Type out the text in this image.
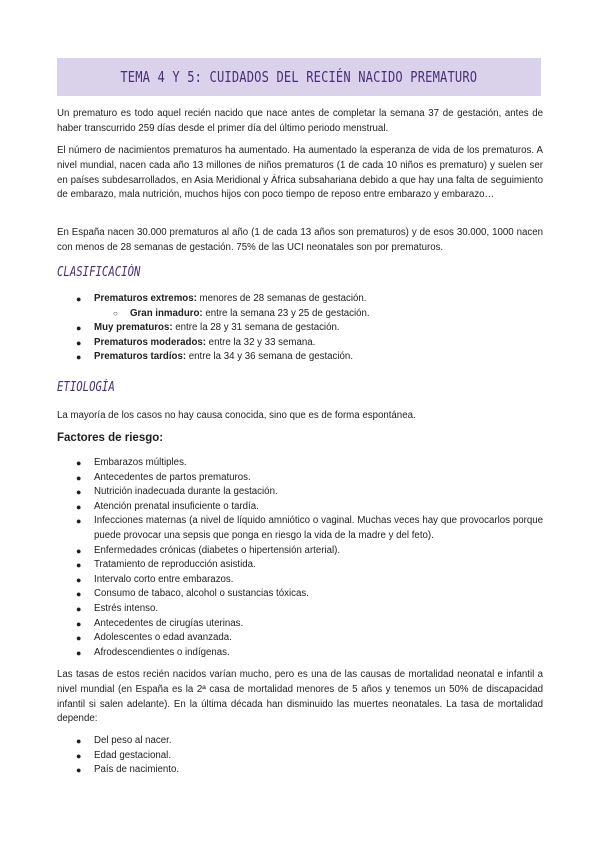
TEMA 4 Y 5: CUIDADOS DEL RECIÉN NACIDO PREMATURO

Un prematuro es todo aquel recién nacido que nace antes de completar la semana 37 de gestación, antes de haber transcurrido 259 días desde el primer día del último periodo menstrual.

El número de nacimientos prematuros ha aumentado. Ha aumentado la esperanza de vida de los prematuros. A nivel mundial, nacen cada año 13 millones de niños prematuros (1 de cada 10 niños es prematuro) y suelen ser en países subdesarrollados, en Asia Meridional y África subsahariana debido a que hay una falta de seguimiento de embarazo, mala nutrición, muchos hijos con poco tiempo de reposo entre embarazo y embarazo…

En España nacen 30.000 prematuros al año (1 de cada 13 años son prematuros) y de esos 30.000, 1000 nacen con menos de 28 semanas de gestación. 75% de las UCI neonatales son por prematuros.

CLASIFICACIÓN
● Prematuros extremos: menores de 28 semanas de gestación.
○ Gran inmaduro: entre la semana 23 y 25 de gestación.
● Muy prematuros: entre la 28 y 31 semana de gestación.
● Prematuros moderados: entre la 32 y 33 semana.
● Prematuros tardíos: entre la 34 y 36 semana de gestación.
ETIOLOGÍA

La mayoría de los casos no hay causa conocida, sino que es de forma espontánea.

Factores de riesgo:
● Embarazos múltiples.
● Antecedentes de partos prematuros.
● Nutrición inadecuada durante la gestación.
● Atención prenatal insuficiente o tardía.
● Infecciones maternas (a nivel de líquido amniótico o vaginal. Muchas veces hay que provocarlos porque puede provocar una sepsis que ponga en riesgo la vida de la madre y del feto).
● Enfermedades crónicas (diabetes o hipertensión arterial).
● Tratamiento de reproducción asistida.
● Intervalo corto entre embarazos.
● Consumo de tabaco, alcohol o sustancias tóxicas.
● Estrés intenso.
● Antecedentes de cirugías uterinas.
● Adolescentes o edad avanzada.
● Afrodescendientes o indígenas.

Las tasas de estos recién nacidos varían mucho, pero es una de las causas de mortalidad neonatal e infantil a nivel mundial (en España es la 2ª casa de mortalidad menores de 5 años y tenemos un 50% de discapacidad infantil si salen adelante). En la última década han disminuido las muertes neonatales. La tasa de mortalidad depende:

● Del peso al nacer.
● Edad gestacional.
● País de nacimiento.
